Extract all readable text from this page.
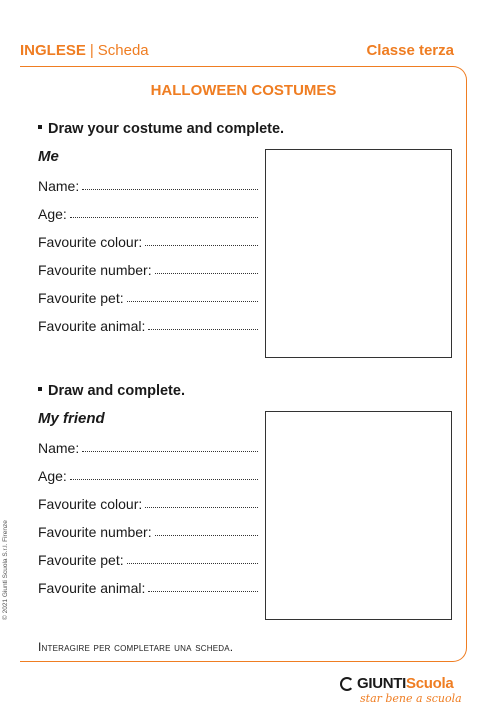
INGLESE | Scheda	Classe terza
HALLOWEEN COSTUMES
Draw your costume and complete.
Me
Name:
Age:
Favourite colour:
Favourite number:
Favourite pet:
Favourite animal:
Draw and complete.
My friend
Name:
Age:
Favourite colour:
Favourite number:
Favourite pet:
Favourite animal:
Interagire per completare una scheda.
© 2021 Giunti Scuola S.r.l. Firenze
GIUNTI Scuola
star bene a scuola
